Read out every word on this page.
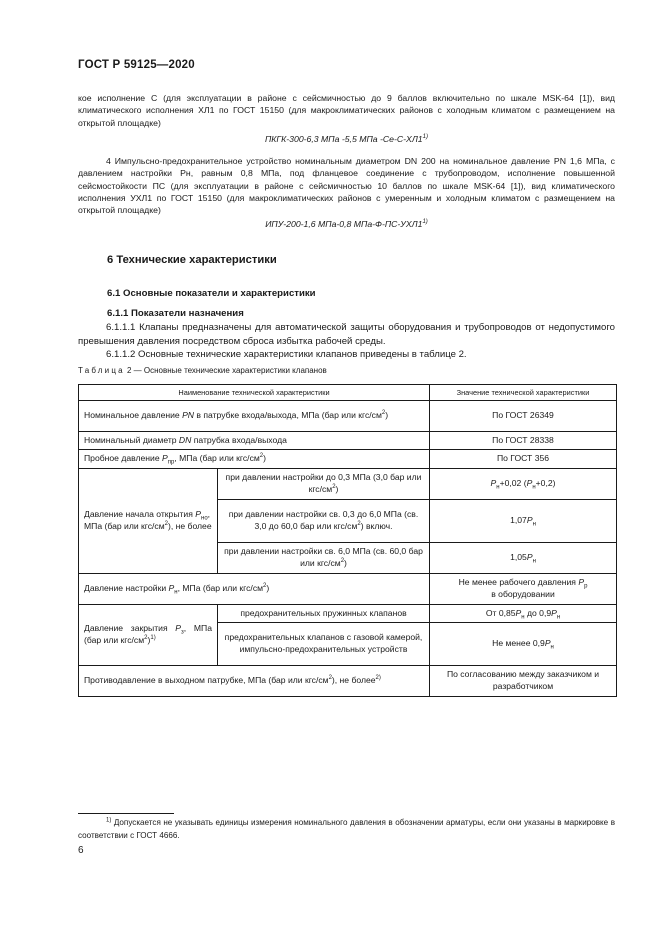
ГОСТ Р 59125—2020
кое исполнение С (для эксплуатации в районе с сейсмичностью до 9 баллов включительно по шкале MSK-64 [1]), вид климатического исполнения ХЛ1 по ГОСТ 15150 (для макроклиматических районов с холодным климатом с размещением на открытой площадке)
ПКГК-300-6,3 МПа -5,5 МПа -Се-С-ХЛ1$^{1)}$
4 Импульсно-предохранительное устройство номинальным диаметром DN 200 на номинальное давление PN 1,6 МПа, с давлением настройки Pн, равным 0,8 МПа, под фланцевое соединение с трубопроводом, исполнение повышенной сейсмостойкости ПС (для эксплуатации в районе с сейсмичностью 10 баллов по шкале MSK-64 [1]), вид климатического исполнения УХЛ1 по ГОСТ 15150 (для макроклиматических районов с умеренным и холодным климатом с размещением на открытой площадке)
ИПУ-200-1,6 МПа-0,8 МПа-Ф-ПС-УХЛ1$^{1)}$
6 Технические характеристики
6.1 Основные показатели и характеристики
6.1.1 Показатели назначения
6.1.1.1 Клапаны предназначены для автоматической защиты оборудования и трубопроводов от недопустимого превышения давления посредством сброса избытка рабочей среды.
6.1.1.2 Основные технические характеристики клапанов приведены в таблице 2.
Таблица 2 — Основные технические характеристики клапанов
Наименование технической характеристики		Значение технической характеристики
Номинальное давление PN в патрубке входа/выхода, МПа (бар или кгс/$см^2$)		По ГОСТ 26349
Номинальный диаметр DN патрубка входа/выхода		По ГОСТ 28338
Пробное давление $P_{пр}$, МПа (бар или кгс/$см^2$)		По ГОСТ 356
Давление начала открытия $P_{но}$, МПа (бар или кгс/$см^2$), не более	при давлении настройки до 0,3 МПа (3,0 бар или кгс/$см^2$)	$P_н+0,02$ $(P_н+0,2)$
	при давлении настройки св. 0,3 до 6,0 МПа (св. 3,0 до 60,0 бар или кгс/$см^2$) включ.	$1,07P_н$
	при давлении настройки св. 6,0 МПа (св. 60,0 бар или кгс/$см^2$)	$1,05P_н$
Давление настройки $P_н$, МПа (бар или кгс/$см^2$)		Не менее рабочего давления $P_р$
в оборудовании
Давление закрытия $P_з$, МПа (бар или кгс/$см^2)^{1)}$	предохранительных пружинных клапанов	От $0,85P_н$ до $0,9P_н$
	предохранительных клапанов с газовой камерой, импульсно-предохранительных устройств	Не менее $0,9P_н$
Противодавление в выходном патрубке, МПа (бар или кгс/$см^2$), не более$^{2)}$		По согласованию между заказчиком и разработчиком
$^{1)}$ Допускается не указывать единицы измерения номинального давления в обозначении арматуры, если они указаны в маркировке в соответствии с ГОСТ 4666.
6
